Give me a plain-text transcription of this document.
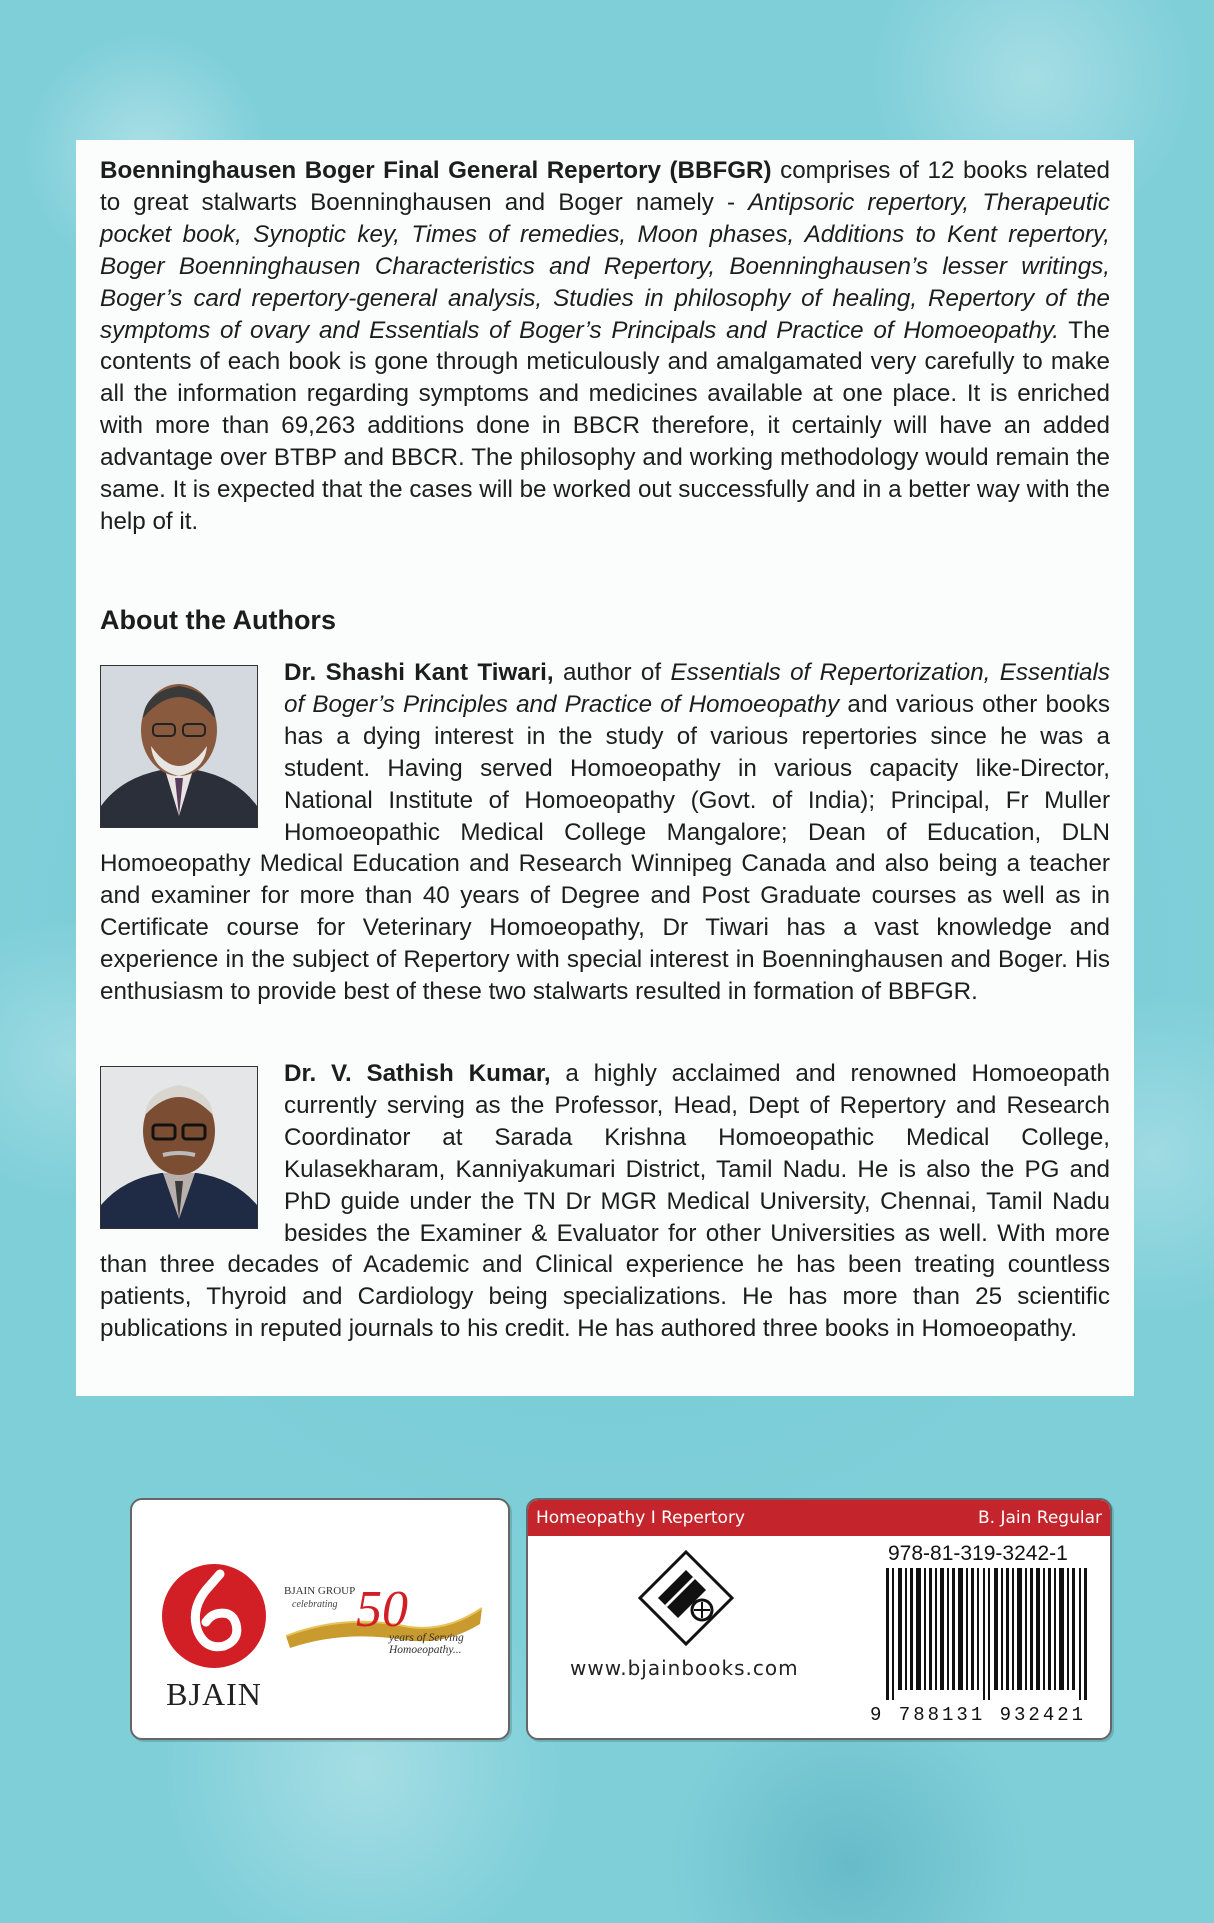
Boenninghausen Boger Final General Repertory (BBFGR) comprises of 12 books related to great stalwarts Boenninghausen and Boger namely - Antipsoric repertory, Therapeutic pocket book, Synoptic key, Times of remedies, Moon phases, Additions to Kent repertory, Boger Boenninghausen Characteristics and Repertory, Boenninghausen’s lesser writings, Boger’s card repertory-general analysis, Studies in philosophy of healing, Repertory of the symptoms of ovary and Essentials of Boger’s Principals and Practice of Homoeopathy. The contents of each book is gone through meticulously and amalgamated very carefully to make all the information regarding symptoms and medicines available at one place. It is enriched with more than 69,263 additions done in BBCR therefore, it certainly will have an added advantage over BTBP and BBCR. The philosophy and working methodology would remain the same. It is expected that the cases will be worked out successfully and in a better way with the help of it.
About the Authors
Dr. Shashi Kant Tiwari, author of Essentials of Repertorization, Essentials of Boger’s Principles and Practice of Homoeopathy and various other books has a dying interest in the study of various repertories since he was a student. Having served Homoeopathy in various capacity like-Director, National Institute of Homoeopathy (Govt. of India); Principal, Fr Muller Homoeopathic Medical College Mangalore; Dean of Education, DLN Homoeopathy Medical Education and Research Winnipeg Canada and also being a teacher and examiner for more than 40 years of Degree and Post Graduate courses as well as in Certificate course for Veterinary Homoeopathy, Dr Tiwari has a vast knowledge and experience in the subject of Repertory with special interest in Boenninghausen and Boger. His enthusiasm to provide best of these two stalwarts resulted in formation of BBFGR.
Dr. V. Sathish Kumar, a highly acclaimed and renowned Homoeopath currently serving as the Professor, Head, Dept of Repertory and Research Coordinator at Sarada Krishna Homoeopathic Medical College, Kulasekharam, Kanniyakumari District, Tamil Nadu. He is also the PG and PhD guide under the TN Dr MGR Medical University, Chennai, Tamil Nadu besides the Examiner & Evaluator for other Universities as well. With more than three decades of Academic and Clinical experience he has been treating countless patients, Thyroid and Cardiology being specializations. He has more than 25 scientific publications in reputed journals to his credit. He has authored three books in Homoeopathy.
BJAIN
BJAIN GROUP
celebrating 50
years of Serving
Homoeopathy...
Homeopathy I Repertory	B. Jain Regular
www.bjainbooks.com
978-81-319-3242-1
9 788131 932421
